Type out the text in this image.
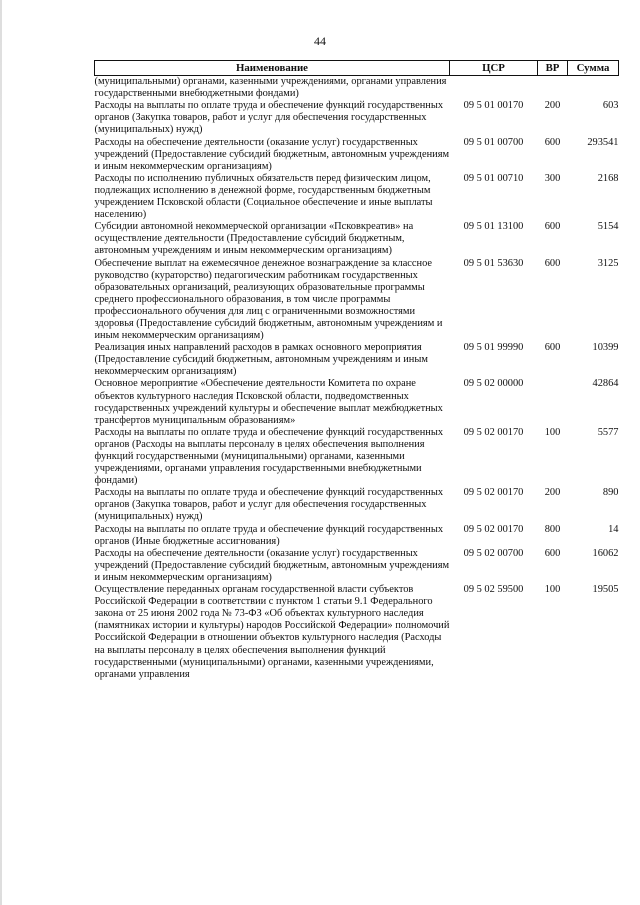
44
Наименование	ЦСР	ВР	Сумма
(муниципальными) органами, казенными учреждениями, органами управления государственными внебюджетными фондами)			
Расходы на выплаты по оплате труда и обеспечение функций государственных органов (Закупка товаров, работ и услуг для обеспечения государственных (муниципальных) нужд)	09 5 01 00170	200	603
Расходы на обеспечение деятельности (оказание услуг) государственных учреждений (Предоставление субсидий бюджетным, автономным учреждениям и иным некоммерческим организациям)	09 5 01 00700	600	293541
Расходы по исполнению публичных обязательств перед физическим лицом, подлежащих исполнению в денежной форме, государственным бюджетным учреждением Псковской области (Социальное обеспечение и иные выплаты населению)	09 5 01 00710	300	2168
Субсидии автономной некоммерческой организации «Псковкреатив» на осуществление деятельности (Предоставление субсидий бюджетным, автономным учреждениям и иным некоммерческим организациям)	09 5 01 13100	600	5154
Обеспечение выплат на ежемесячное денежное вознаграждение за классное руководство (кураторство) педагогическим работникам государственных образовательных организаций, реализующих образовательные программы среднего профессионального образования, в том числе программы профессионального обучения для лиц с ограниченными возможностями здоровья (Предоставление субсидий бюджетным, автономным учреждениям и иным некоммерческим организациям)	09 5 01 53630	600	3125
Реализация иных направлений расходов в рамках основного мероприятия (Предоставление субсидий бюджетным, автономным учреждениям и иным некоммерческим организациям)	09 5 01 99990	600	10399
Основное мероприятие «Обеспечение деятельности Комитета по охране объектов культурного наследия Псковской области, подведомственных государственных учреждений культуры и обеспечение выплат межбюджетных трансфертов муниципальным образованиям»	09 5 02 00000		42864
Расходы на выплаты по оплате труда и обеспечение функций государственных органов (Расходы на выплаты персоналу в целях обеспечения выполнения функций государственными (муниципальными) органами, казенными учреждениями, органами управления государственными внебюджетными фондами)	09 5 02 00170	100	5577
Расходы на выплаты по оплате труда и обеспечение функций государственных органов (Закупка товаров, работ и услуг для обеспечения государственных (муниципальных) нужд)	09 5 02 00170	200	890
Расходы на выплаты по оплате труда и обеспечение функций государственных органов (Иные бюджетные ассигнования)	09 5 02 00170	800	14
Расходы на обеспечение деятельности (оказание услуг) государственных учреждений (Предоставление субсидий бюджетным, автономным учреждениям и иным некоммерческим организациям)	09 5 02 00700	600	16062
Осуществление переданных органам государственной власти субъектов Российской Федерации в соответствии с пунктом 1 статьи 9.1 Федерального закона от 25 июня 2002 года № 73-ФЗ «Об объектах культурного наследия (памятниках истории и культуры) народов Российской Федерации» полномочий Российской Федерации в отношении объектов культурного наследия (Расходы на выплаты персоналу в целях обеспечения выполнения функций государственными (муниципальными) органами, казенными учреждениями, органами управления	09 5 02 59500	100	19505
